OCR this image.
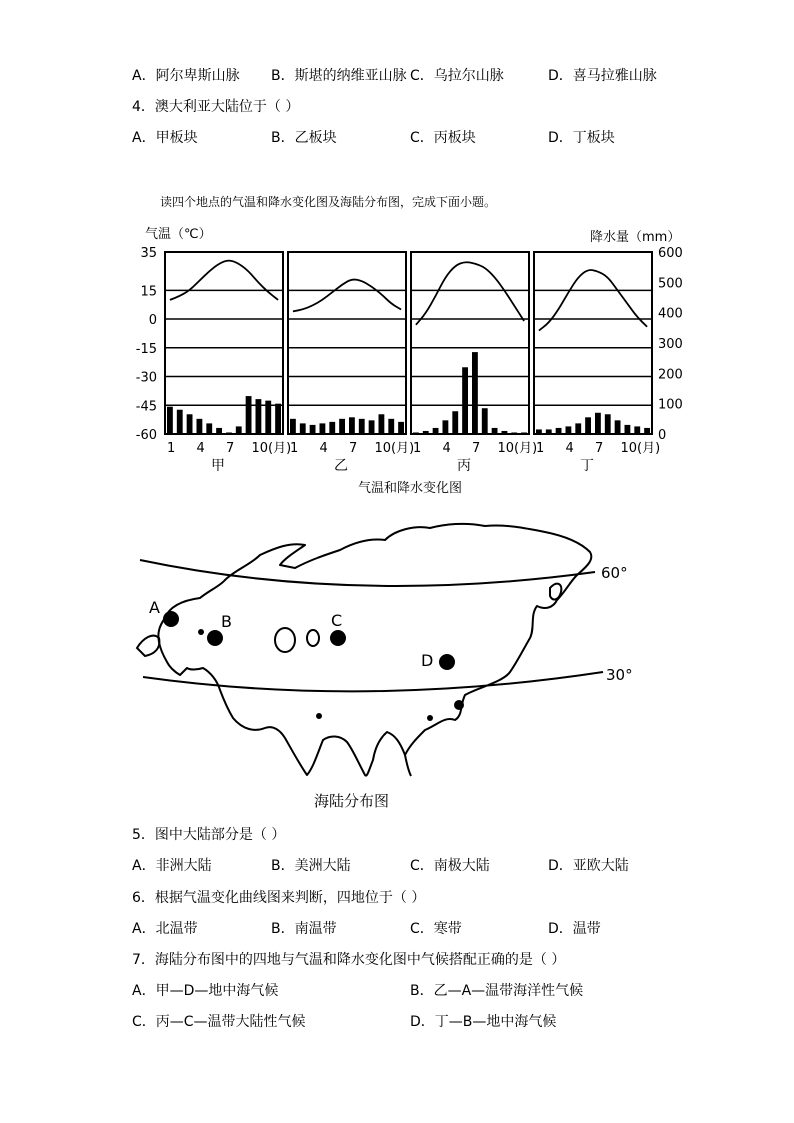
A．阿尔卑斯山脉 B．斯堪的纳维亚山脉 C．乌拉尔山脉	D．喜马拉雅山脉
4．澳大利亚大陆位于（ ）
A．甲板块	B．乙板块	C．丙板块	D．丁板块
读四个地点的气温和降水变化图及海陆分布图，完成下面小题。
气温（℃）	降水量（mm）
35
15
0
-15
-30
-45
-60
600
500
400
300
200
100
0
1 4 7 10(月)
甲
1 4 7 10(月)
乙
1 4 7 10(月)
丙
1 4 7 10(月)
丁
气温和降水变化图
60°
30°
A
B	C
D
海陆分布图
5．图中大陆部分是（ ）
A．非洲大陆	B．美洲大陆	C．南极大陆	D．亚欧大陆
6．根据气温变化曲线图来判断，四地位于（ ）
A．北温带	B．南温带	C．寒带	D．温带
7．海陆分布图中的四地与气温和降水变化图中气候搭配正确的是（ ）
A．甲—D—地中海气候	B．乙—A—温带海洋性气候
C．丙—C—温带大陆性气候	D．丁—B—地中海气候
